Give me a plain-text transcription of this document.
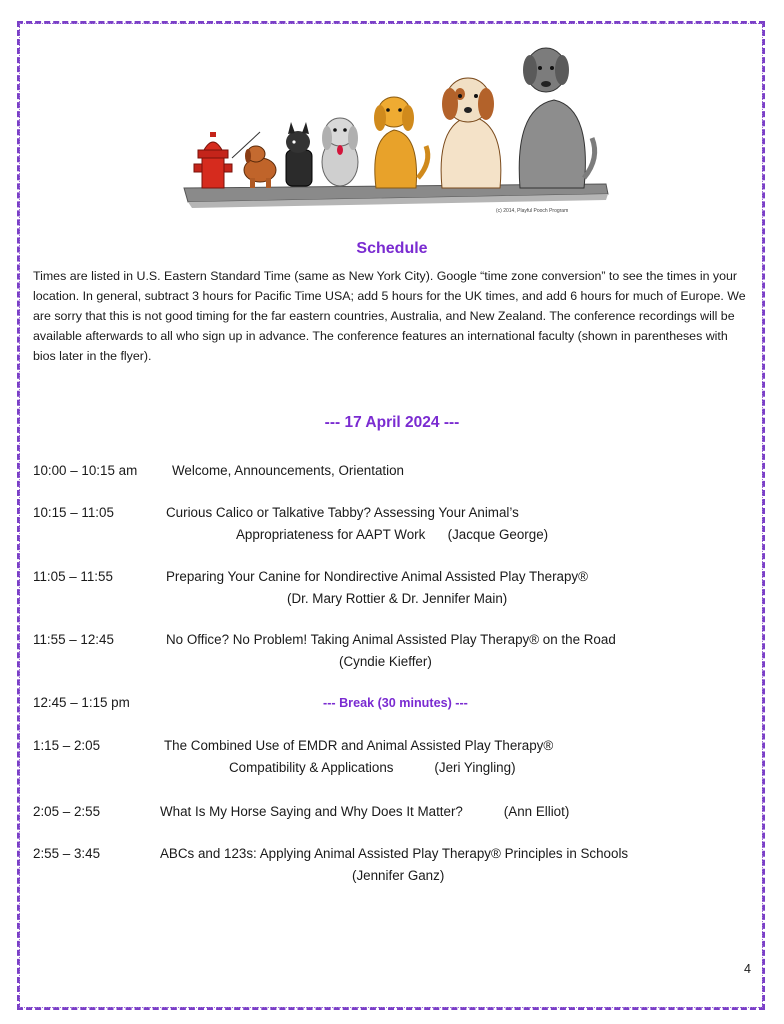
(c) 2014, Playful Pooch Program
Schedule
Times are listed in U.S. Eastern Standard Time (same as New York City). Google “time zone conversion” to see the times in your location. In general, subtract 3 hours for Pacific Time USA; add 5 hours for the UK times, and add 6 hours for much of Europe. We are sorry that this is not good timing for the far eastern countries, Australia, and New Zealand. The conference recordings will be available afterwards to all who sign up in advance. The conference features an international faculty (shown in parentheses with bios later in the flyer).
--- 17 April 2024 ---
10:00 – 10:15 am	Welcome, Announcements, Orientation
10:15 – 11:05	Curious Calico or Talkative Tabby? Assessing Your Animal’s
Appropriateness for AAPT Work      (Jacque George)
11:05 – 11:55	Preparing Your Canine for Nondirective Animal Assisted Play Therapy®
(Dr. Mary Rottier & Dr. Jennifer Main)
11:55 – 12:45	No Office? No Problem! Taking Animal Assisted Play Therapy® on the Road
(Cyndie Kieffer)
12:45 – 1:15 pm	--- Break (30 minutes) ---
1:15 – 2:05	The Combined Use of EMDR and Animal Assisted Play Therapy®
Compatibility & Applications           (Jeri Yingling)
2:05 – 2:55	What Is My Horse Saying and Why Does It Matter?           (Ann Elliot)
2:55 – 3:45	ABCs and 123s: Applying Animal Assisted Play Therapy® Principles in Schools
(Jennifer Ganz)
4
